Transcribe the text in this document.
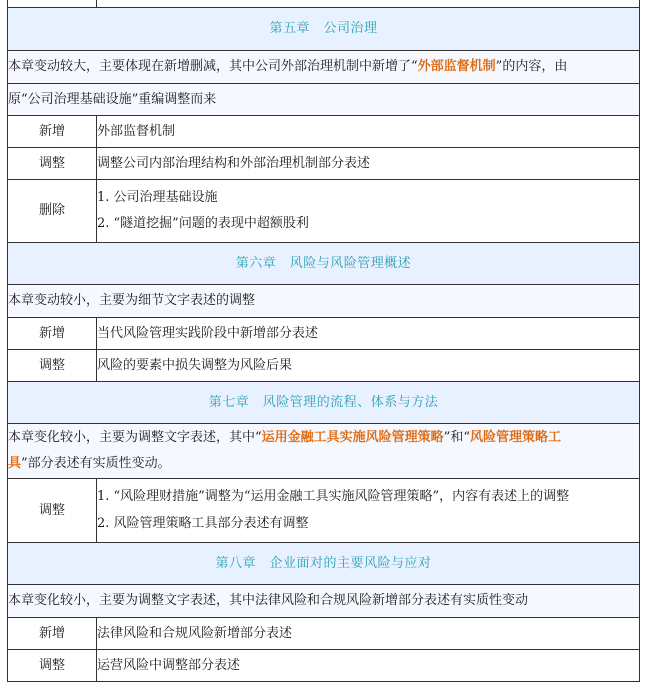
第五章　公司治理	
本章变动较大，主要体现在新增删减，其中公司外部治理机制中新增了“外部监督机制”的内容，由	
原“公司治理基础设施”重编调整而来	
新增	外部监督机制
调整	调整公司内部治理结构和外部治理机制部分表述
删除	1. 公司治理基础设施
2. “隧道挖掘”问题的表现中超额股利

第六章　风险与风险管理概述	
本章变动较小，主要为细节文字表述的调整	
新增	当代风险管理实践阶段中新增部分表述
调整	风险的要素中损失调整为风险后果
第七章　风险管理的流程、体系与方法	

本章变化较小，主要为调整文字表述，其中“运用金融工具实施风险管理策略”和“风险管理策略工
具”部分表述有实质性变动。	

调整	1. “风险理财措施”调整为“运用金融工具实施风险管理策略”，内容有表述上的调整
2. 风险管理策略工具部分表述有调整

第八章　企业面对的主要风险与应对	
本章变化较小，主要为调整文字表述，其中法律风险和合规风险新增部分表述有实质性变动	
新增	法律风险和合规风险新增部分表述
调整	运营风险中调整部分表述
